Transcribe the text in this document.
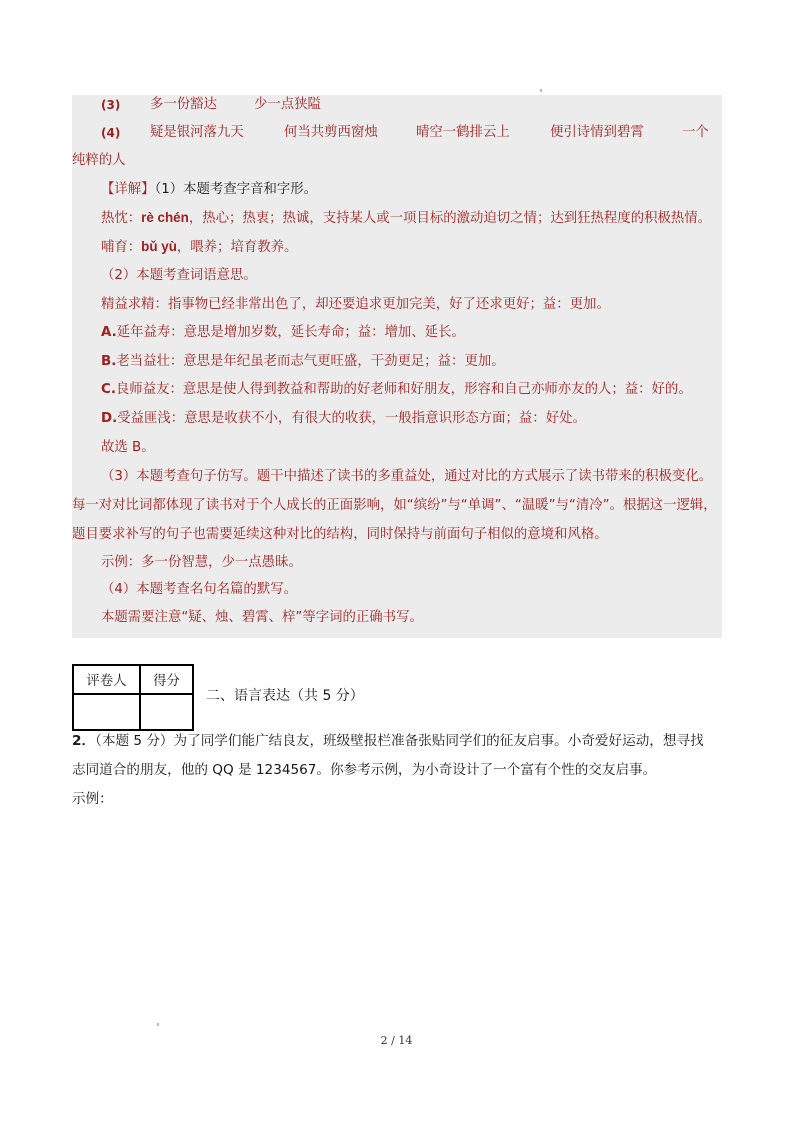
(3) 多一份豁达	少一点狭隘
(4) 疑是银河落九天	何当共剪西窗烛	晴空一鹤排云上	便引诗情到碧霄	一个
纯粹的人
【详解】（1）本题考查字音和字形。
热忱：rè chén，热心；热衷；热诚，支持某人或一项目标的激动迫切之情；达到狂热程度的积极热情。
哺育：bǔ yù，喂养；培育教养。
（2）本题考查词语意思。
精益求精：指事物已经非常出色了，却还要追求更加完美，好了还求更好；益：更加。
A.延年益寿：意思是增加岁数，延长寿命；益：增加、延长。
B.老当益壮：意思是年纪虽老而志气更旺盛，干劲更足；益：更加。
C.良师益友：意思是使人得到教益和帮助的好老师和好朋友，形容和自己亦师亦友的人；益：好的。
D.受益匪浅：意思是收获不小，有很大的收获，一般指意识形态方面；益：好处。
故选 B。
（3）本题考查句子仿写。题干中描述了读书的多重益处，通过对比的方式展示了读书带来的积极变化。
每一对对比词都体现了读书对于个人成长的正面影响，如“缤纷”与“单调”、“温暖”与“清冷”。根据这一逻辑，
题目要求补写的句子也需要延续这种对比的结构，同时保持与前面句子相似的意境和风格。
示例：多一份智慧，少一点愚昧。
（4）本题考查名句名篇的默写。
本题需要注意“疑、烛、碧霄、梓”等字词的正确书写。
评卷人	得分

二、语言表达（共 5 分）
2．（本题 5 分）为了同学们能广结良友，班级壁报栏准备张贴同学们的征友启事。小奇爱好运动，想寻找
志同道合的朋友，他的 QQ 是 1234567。你参考示例，为小奇设计了一个富有个性的交友启事。
示例：
2 / 14
